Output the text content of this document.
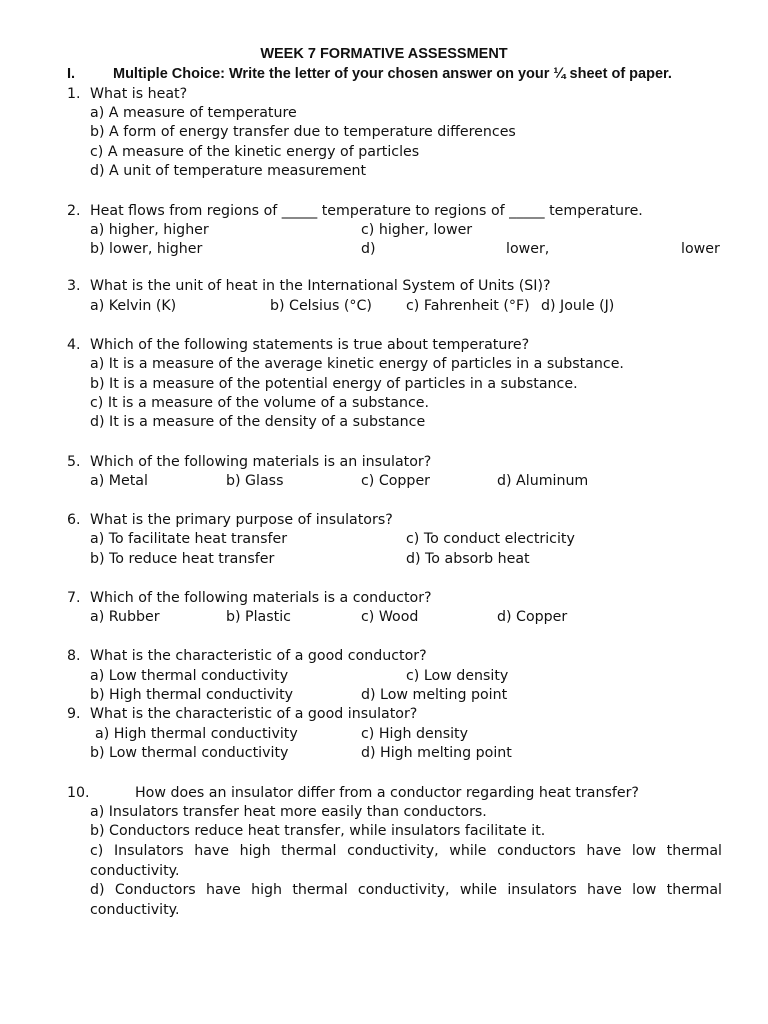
WEEK 7 FORMATIVE ASSESSMENT
I.	Multiple Choice: Write the letter of your chosen answer on your ¼ sheet of paper.
1. What is heat?
a) A measure of temperature
b) A form of energy transfer due to temperature differences
c) A measure of the kinetic energy of particles
d) A unit of temperature measurement
2. Heat flows from regions of _____ temperature to regions of _____ temperature.
a) higher, higher	c) higher, lower
b) lower, higher	d)	lower,	lower
3. What is the unit of heat in the International System of Units (SI)?
a) Kelvin (K)	b) Celsius (°C) c) Fahrenheit (°F) d) Joule (J)
4. Which of the following statements is true about temperature?
a) It is a measure of the average kinetic energy of particles in a substance.
b) It is a measure of the potential energy of particles in a substance.
c) It is a measure of the volume of a substance.
d) It is a measure of the density of a substance
5. Which of the following materials is an insulator?
a) Metal	b) Glass	c) Copper	d) Aluminum
6. What is the primary purpose of insulators?
a) To facilitate heat transfer	c) To conduct electricity
b) To reduce heat transfer	d) To absorb heat
7. Which of the following materials is a conductor?
a) Rubber	b) Plastic	c) Wood	d) Copper
8. What is the characteristic of a good conductor?
a) Low thermal conductivity	c) Low density
b) High thermal conductivity	d) Low melting point
9. What is the characteristic of a good insulator?
a) High thermal conductivity	c) High density
b) Low thermal conductivity	d) High melting point
10.	How does an insulator differ from a conductor regarding heat transfer?
a) Insulators transfer heat more easily than conductors.
b) Conductors reduce heat transfer, while insulators facilitate it.
c) Insulators have high thermal conductivity, while conductors have low thermal conductivity.
d) Conductors have high thermal conductivity, while insulators have low thermal conductivity.
